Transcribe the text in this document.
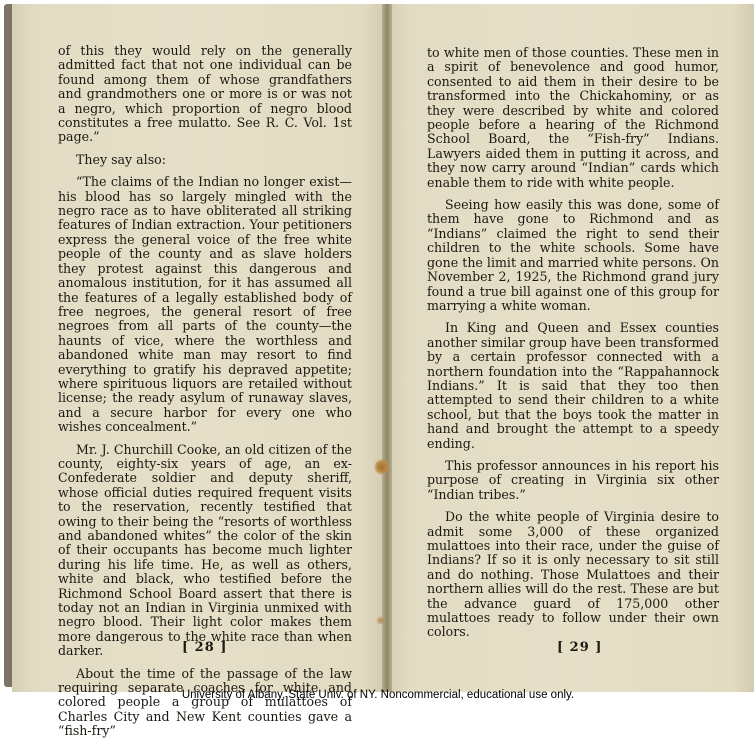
of this they would rely on the generally admitted fact that not one individual can be found among them of whose grandfathers and grandmothers one or more is or was not a negro, which proportion of negro blood constitutes a free mulatto. See R. C. Vol. 1st page.”

They say also:

“The claims of the Indian no longer exist—his blood has so largely mingled with the negro race as to have obliterated all striking features of Indian extraction. Your petitioners express the general voice of the free white people of the county and as slave holders they protest against this dangerous and anomalous institution, for it has assumed all the features of a legally established body of free negroes, the general resort of free negroes from all parts of the county—the haunts of vice, where the worthless and abandoned white man may resort to find everything to gratify his depraved appetite; where spirituous liquors are retailed without license; the ready asylum of runaway slaves, and a secure harbor for every one who wishes concealment.”

Mr. J. Churchill Cooke, an old citizen of the county, eighty-six years of age, an ex-Confederate soldier and deputy sheriff, whose official duties required frequent visits to the reservation, recently testified that owing to their being the “resorts of worthless and abandoned whites” the color of the skin of their occupants has become much lighter during his life time. He, as well as others, white and black, who testified before the Richmond School Board assert that there is today not an Indian in Virginia unmixed with negro blood. Their light color makes them more dangerous to the white race than when darker.

About the time of the passage of the law requiring separate coaches for white and colored people a group of mulattoes of Charles City and New Kent counties gave a “fish-fry”

[ 28 ]

to white men of those counties. These men in a spirit of benevolence and good humor, consented to aid them in their desire to be transformed into the Chickahominy, or as they were described by white and colored people before a hearing of the Richmond School Board, the “Fish-fry” Indians. Lawyers aided them in putting it across, and they now carry around “Indian” cards which enable them to ride with white people.

Seeing how easily this was done, some of them have gone to Richmond and as “Indians” claimed the right to send their children to the white schools. Some have gone the limit and married white persons. On November 2, 1925, the Richmond grand jury found a true bill against one of this group for marrying a white woman.

In King and Queen and Essex counties another similar group have been transformed by a certain professor connected with a northern foundation into the “Rappahannock Indians.” It is said that they too then attempted to send their children to a white school, but that the boys took the matter in hand and brought the attempt to a speedy ending.

This professor announces in his report his purpose of creating in Virginia six other “Indian tribes.”

Do the white people of Virginia desire to admit some 3,000 of these organized mulattoes into their race, under the guise of Indians? If so it is only necessary to sit still and do nothing. Those Mulattoes and their northern allies will do the rest. These are but the advance guard of 175,000 other mulattoes ready to follow under their own colors.

[ 29 ]
University of Albany, State Univ. of NY. Noncommercial, educational use only.
